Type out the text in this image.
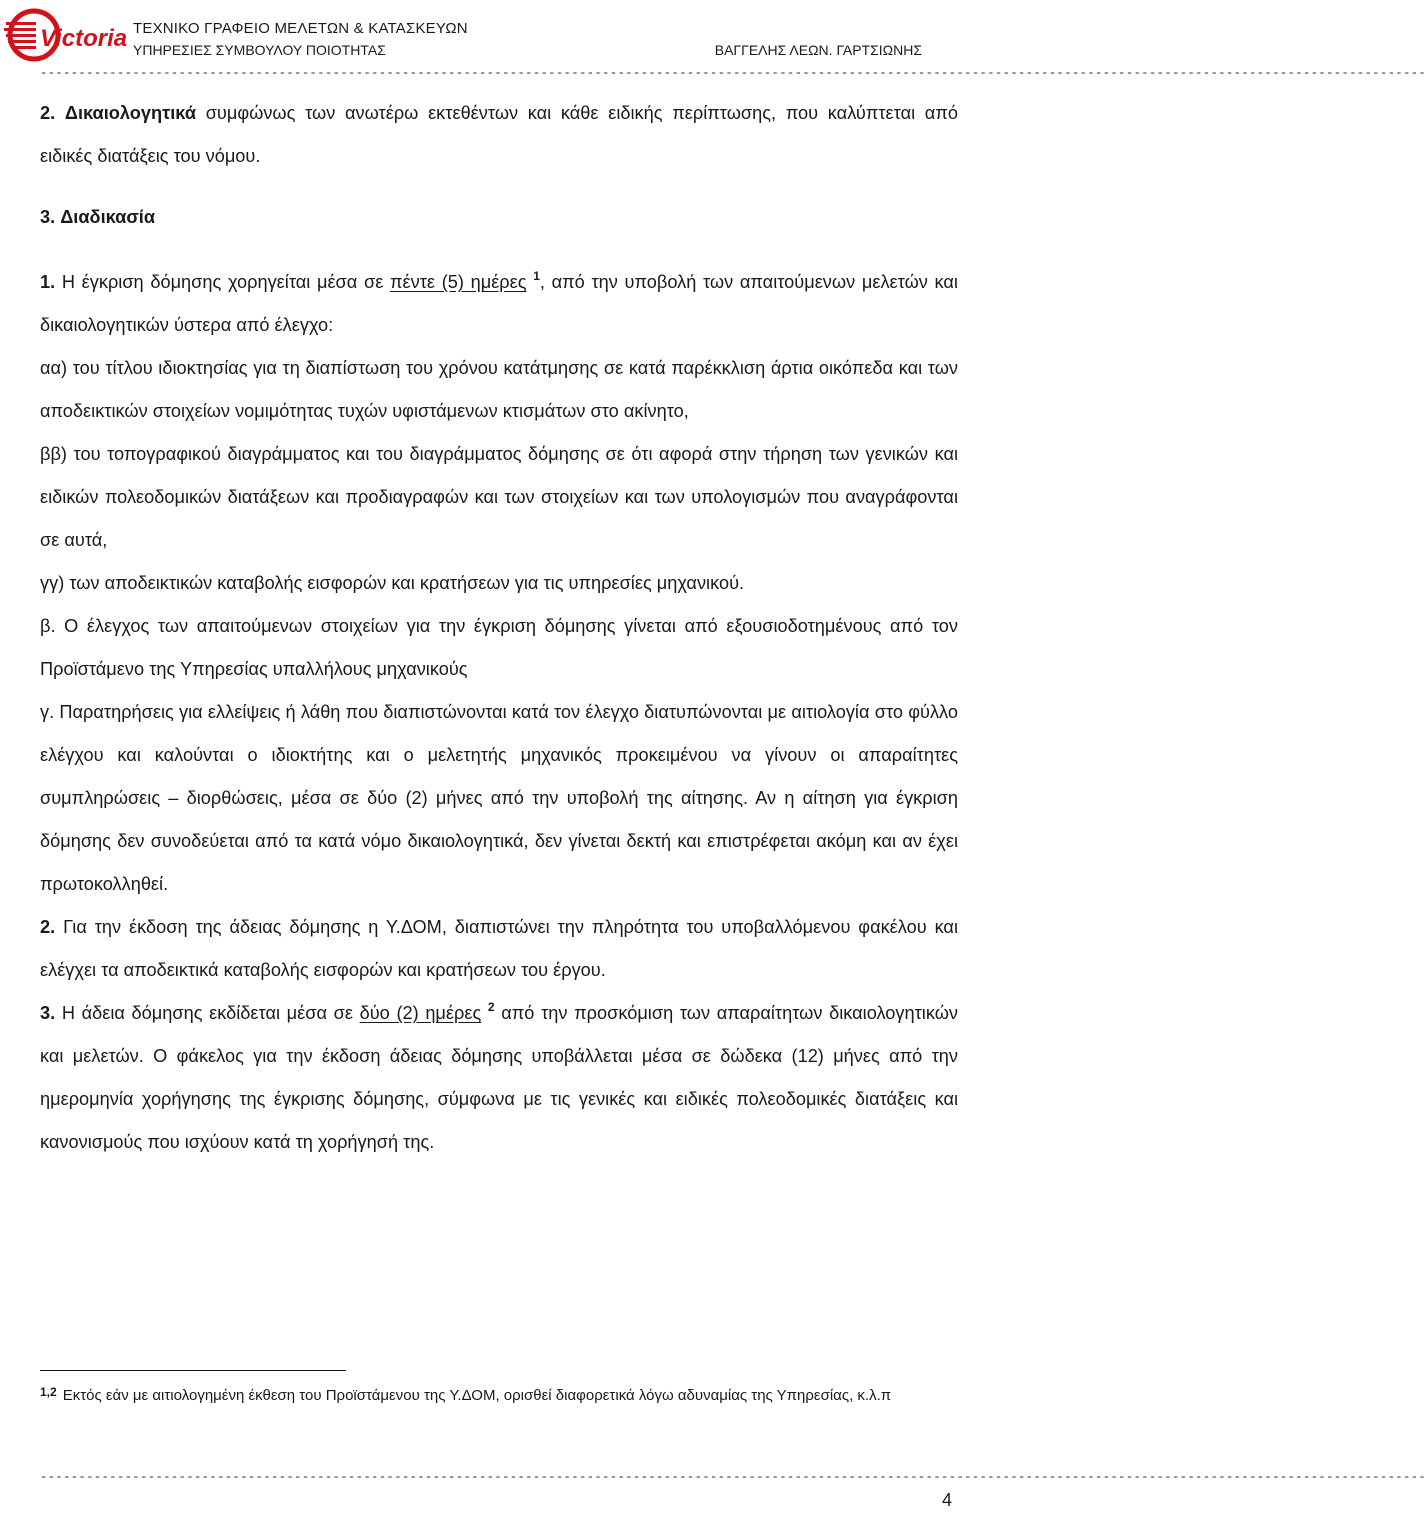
Victoria ΤΕΧΝΙΚΟ ΓΡΑΦΕΙΟ ΜΕΛΕΤΩΝ & ΚΑΤΑΣΚΕΥΩΝ
ΥΠΗΡΕΣΙΕΣ ΣΥΜΒΟΥΛΟΥ ΠΟΙΟΤΗΤΑΣ	ΒΑΓΓΕΛΗΣ ΛΕΩΝ. ΓΑΡΤΣΙΩΝΗΣ
------------------------------------------------------------------------------------------------------------------------------------------------------------------------------------

2. Δικαιολογητικά συμφώνως των ανωτέρω εκτεθέντων και κάθε ειδικής περίπτωσης, που καλύπτεται από ειδικές διατάξεις του νόμου.

3. Διαδικασία

1. Η έγκριση δόμησης χορηγείται μέσα σε πέντε (5) ημέρες $^1$, από την υποβολή των απαιτούμενων μελετών και δικαιολογητικών ύστερα από έλεγχο:

αα) του τίτλου ιδιοκτησίας για τη διαπίστωση του χρόνου κατάτμησης σε κατά παρέκκλιση άρτια οικόπεδα και των αποδεικτικών στοιχείων νομιμότητας τυχών υφιστάμενων κτισμάτων στο ακίνητο,

ββ) του τοπογραφικού διαγράμματος και του διαγράμματος δόμησης σε ότι αφορά στην τήρηση των γενικών και ειδικών πολεοδομικών διατάξεων και προδιαγραφών και των στοιχείων και των υπολογισμών που αναγράφονται σε αυτά,

γγ) των αποδεικτικών καταβολής εισφορών και κρατήσεων για τις υπηρεσίες μηχανικού.

β. Ο έλεγχος των απαιτούμενων στοιχείων για την έγκριση δόμησης γίνεται από εξουσιοδοτημένους από τον Προϊστάμενο της Υπηρεσίας υπαλλήλους μηχανικούς

γ. Παρατηρήσεις για ελλείψεις ή λάθη που διαπιστώνονται κατά τον έλεγχο διατυπώνονται με αιτιολογία στο φύλλο ελέγχου και καλούνται ο ιδιοκτήτης και ο μελετητής μηχανικός προκειμένου να γίνουν οι απαραίτητες συμπληρώσεις – διορθώσεις, μέσα σε δύο (2) μήνες από την υποβολή της αίτησης. Αν η αίτηση για έγκριση δόμησης δεν συνοδεύεται από τα κατά νόμο δικαιολογητικά, δεν γίνεται δεκτή και επιστρέφεται ακόμη και αν έχει πρωτοκολληθεί.

2. Για την έκδοση της άδειας δόμησης η Υ.ΔΟΜ, διαπιστώνει την πληρότητα του υποβαλλόμενου φακέλου και ελέγχει τα αποδεικτικά καταβολής εισφορών και κρατήσεων του έργου.

3. Η άδεια δόμησης εκδίδεται μέσα σε δύο (2) ημέρες $^2$ από την προσκόμιση των απαραίτητων δικαιολογητικών και μελετών. Ο φάκελος για την έκδοση άδειας δόμησης υποβάλλεται μέσα σε δώδεκα (12) μήνες από την ημερομηνία χορήγησης της έγκρισης δόμησης, σύμφωνα με τις γενικές και ειδικές πολεοδομικές διατάξεις και κανονισμούς που ισχύουν κατά τη χορήγησή της.

$^{1,2}$ Εκτός εάν με αιτιολογημένη έκθεση του Προϊστάμενου της Υ.ΔΟΜ, ορισθεί διαφορετικά λόγω αδυναμίας της Υπηρεσίας, κ.λ.π
------------------------------------------------------------------------------------------------------------------------------------------------------------------------------------
4
